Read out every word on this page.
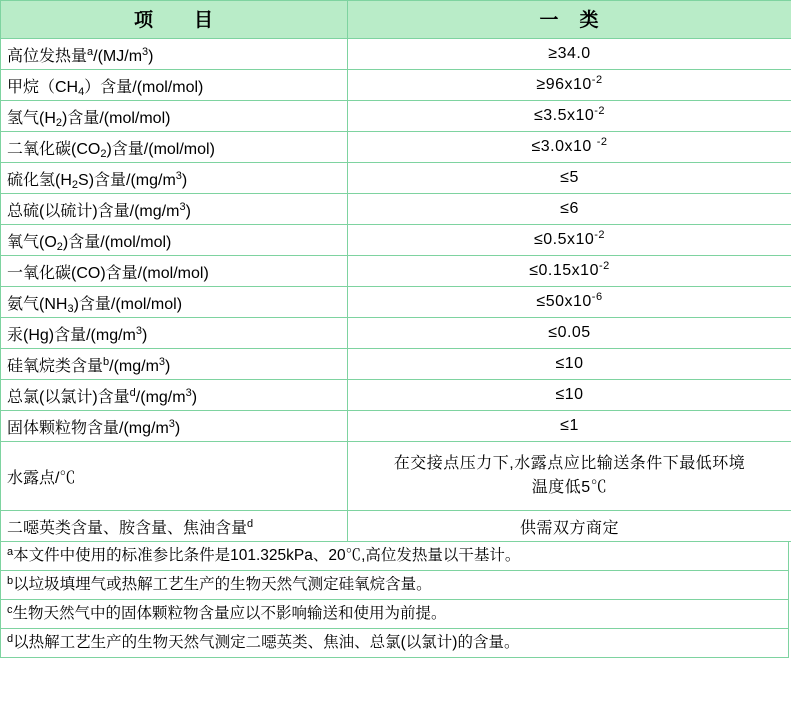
项　　目	一　类
高位发热量$^a/(MJ/m^3)$	≥34.0
甲烷$(CH_4)$含量/(mol/mol)	$\ge 96x10^{-2}$
氢气$(H_2)$含量/(mol/mol)	$\le 3.5x10^{-2}$
二氧化碳$(CO_2)$含量/(mol/mol)	≤3.0x10 $^{-2}$
硫化氢$(H_2S)$含量$/(mg/m^3)$	≤5
总硫(以硫计)含量$/(mg/m^3)$	≤6
氧气$(O_2)$含量/(mol/mol)	$\le 0.5x10^{-2}$
一氧化碳(CO)含量/(mol/mol)	$\le 0.15x10^{-2}$
氨气$(NH_3)$含量/(mol/mol)	$\le 50x10^{-6}$
汞(Hg)含量$/(mg/m^3)$	≤0.05
硅氧烷类含量$^b/(mg/m^3)$	≤10
总氯(以氯计)含量$^d/(mg/m^3)$	≤10
固体颗粒物含量$/(mg/m^3)$	≤1
水露点/℃	在交接点压力下,水露点应比输送条件下最低环境温度低5℃
二噁英类含量、胺含量、焦油含量$^d$	供需双方商定
$^a$本文件中使用的标准参比条件是101.325kPa、20℃,高位发热量以干基计。
$^b$以垃圾填埋气或热解工艺生产的生物天然气测定硅氧烷含量。
$^c$生物天然气中的固体颗粒物含量应以不影响输送和使用为前提。
$^d$以热解工艺生产的生物天然气测定二噁英类、焦油、总氯(以氯计)的含量。
